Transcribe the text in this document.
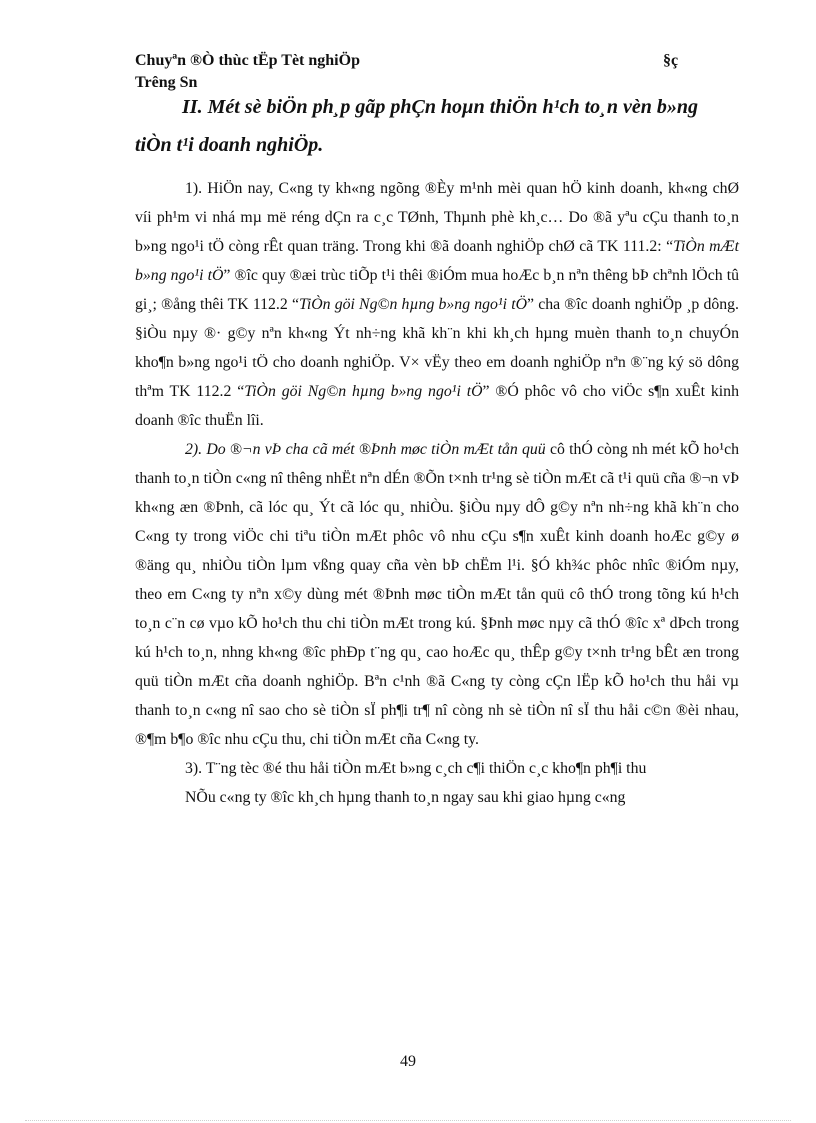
Chuyªn ®Ò thùc tËp Tèt nghiÖp
Trêng Sn
§ç
II. Mét sè biÖn ph¸p gãp phÇn hoµn thiÖn h¹ch to¸n vèn b»ng tiÒn t¹i doanh nghiÖp.

1). HiÖn nay, C«ng ty kh«ng ngõng ®Èy m¹nh mèi quan hÖ kinh doanh, kh«ng chØ víi ph¹m vi nhá mµ më réng dÇn ra c¸c TØnh, Thµnh phè kh¸c… Do ®ã yªu cÇu thanh to¸n b»ng ngo¹i tÖ còng rÊt quan träng. Trong khi ®ã doanh nghiÖp chØ cã TK 111.2: “TiÒn mÆt b»ng ngo¹i tÖ” ®îc quy ®æi trùc tiÕp t¹i thêi ®iÓm mua hoÆc b¸n nªn thêng bÞ chªnh lÖch tû gi¸; ®ång thêi TK 112.2 “TiÒn göi Ng©n hµng b»ng ngo¹i tÖ” cha ®îc doanh nghiÖp ¸p dông. §iÒu nµy ®· g©y nªn kh«ng Ýt nh÷ng khã kh¨n khi kh¸ch hµng muèn thanh to¸n chuyÓn kho¶n b»ng ngo¹i tÖ cho doanh nghiÖp. V× vËy theo em doanh nghiÖp nªn ®¨ng ký sö dông thªm TK 112.2 “TiÒn göi Ng©n hµng b»ng ngo¹i tÖ” ®Ó phôc vô cho viÖc s¶n xuÊt kinh doanh ®îc thuËn lîi.

2). Do ®¬n vÞ cha cã mét ®Þnh møc tiÒn mÆt tån quü cô thÓ còng nh mét kÕ ho¹ch thanh to¸n tiÒn c«ng nî thêng nhËt nªn dÉn ®Õn t×nh tr¹ng sè tiÒn mÆt cã t¹i quü cña ®¬n vÞ kh«ng æn ®Þnh, cã lóc qu¸ Ýt cã lóc qu¸ nhiÒu. §iÒu nµy dÔ g©y nªn nh÷ng khã kh¨n cho C«ng ty trong viÖc chi tiªu tiÒn mÆt phôc vô nhu cÇu s¶n xuÊt kinh doanh hoÆc g©y ø ®äng qu¸ nhiÒu tiÒn lµm vßng quay cña vèn bÞ chËm l¹i. §Ó kh¾c phôc nhîc ®iÓm nµy, theo em C«ng ty nªn x©y dùng mét ®Þnh møc tiÒn mÆt tån quü cô thÓ trong tõng kú h¹ch to¸n c¨n cø vµo kÕ ho¹ch thu chi tiÒn mÆt trong kú. §Þnh møc nµy cã thÓ ®îc xª dÞch trong kú h¹ch to¸n, nhng kh«ng ®îc phÐp t¨ng qu¸ cao hoÆc qu¸ thÊp g©y t×nh tr¹ng bÊt æn trong quü tiÒn mÆt cña doanh nghiÖp. Bªn c¹nh ®ã C«ng ty còng cÇn lËp kÕ ho¹ch thu håi vµ thanh to¸n c«ng nî sao cho sè tiÒn sÏ ph¶i tr¶ nî còng nh sè tiÒn nî sÏ thu håi c©n ®èi nhau, ®¶m b¶o ®îc nhu cÇu thu, chi tiÒn mÆt cña C«ng ty.

3). T¨ng tèc ®é thu håi tiÒn mÆt b»ng c¸ch c¶i thiÖn c¸c kho¶n ph¶i thu

NÕu c«ng ty ®îc kh¸ch hµng thanh to¸n ngay sau khi giao hµng c«ng

49
